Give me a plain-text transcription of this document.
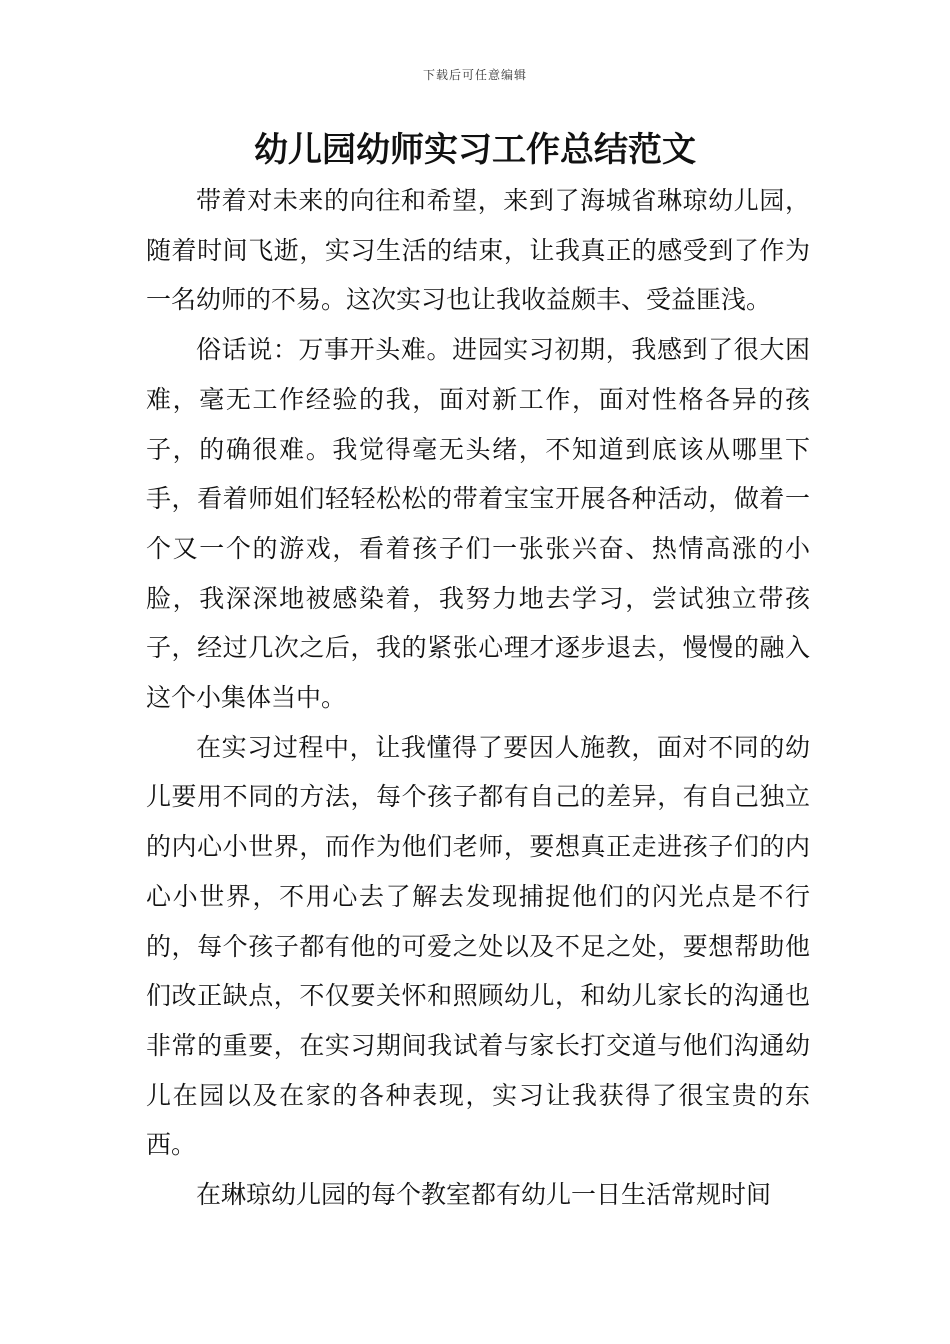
下载后可任意编辑
幼儿园幼师实习工作总结范文

带着对未来的向往和希望，来到了海城省琳琼幼儿园，随着时间飞逝，实习生活的结束，让我真正的感受到了作为一名幼师的不易。这次实习也让我收益颇丰、受益匪浅。

俗话说：万事开头难。进园实习初期，我感到了很大困难，毫无工作经验的我，面对新工作，面对性格各异的孩子，的确很难。我觉得毫无头绪，不知道到底该从哪里下手，看着师姐们轻轻松松的带着宝宝开展各种活动，做着一个又一个的游戏，看着孩子们一张张兴奋、热情高涨的小脸，我深深地被感染着，我努力地去学习，尝试独立带孩子，经过几次之后，我的紧张心理才逐步退去，慢慢的融入这个小集体当中。

在实习过程中，让我懂得了要因人施教，面对不同的幼儿要用不同的方法，每个孩子都有自己的差异，有自己独立的内心小世界，而作为他们老师，要想真正走进孩子们的内心小世界，不用心去了解去发现捕捉他们的闪光点是不行的，每个孩子都有他的可爱之处以及不足之处，要想帮助他们改正缺点，不仅要关怀和照顾幼儿，和幼儿家长的沟通也非常的重要，在实习期间我试着与家长打交道与他们沟通幼儿在园以及在家的各种表现，实习让我获得了很宝贵的东西。

在琳琼幼儿园的每个教室都有幼儿一日生活常规时间
